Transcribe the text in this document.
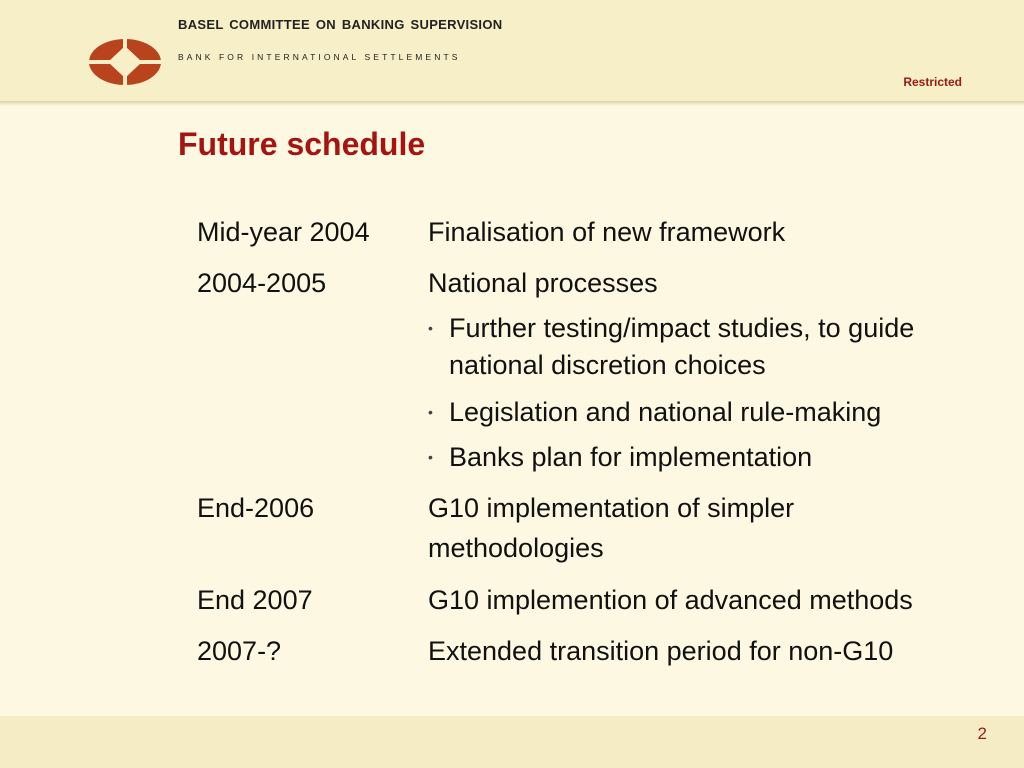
BASEL COMMITTEE ON BANKING SUPERVISION
BANK FOR INTERNATIONAL SETTLEMENTS
Restricted
Future schedule
Mid-year 2004 Finalisation of new framework
2004-2005	National processes
• Further testing/impact studies, to guide national discretion choices
• Legislation and national rule-making
• Banks plan for implementation
End-2006	G10 implementation of simpler methodologies
End 2007	G10 implemention of advanced methods
2007-?	Extended transition period for non-G10
2
